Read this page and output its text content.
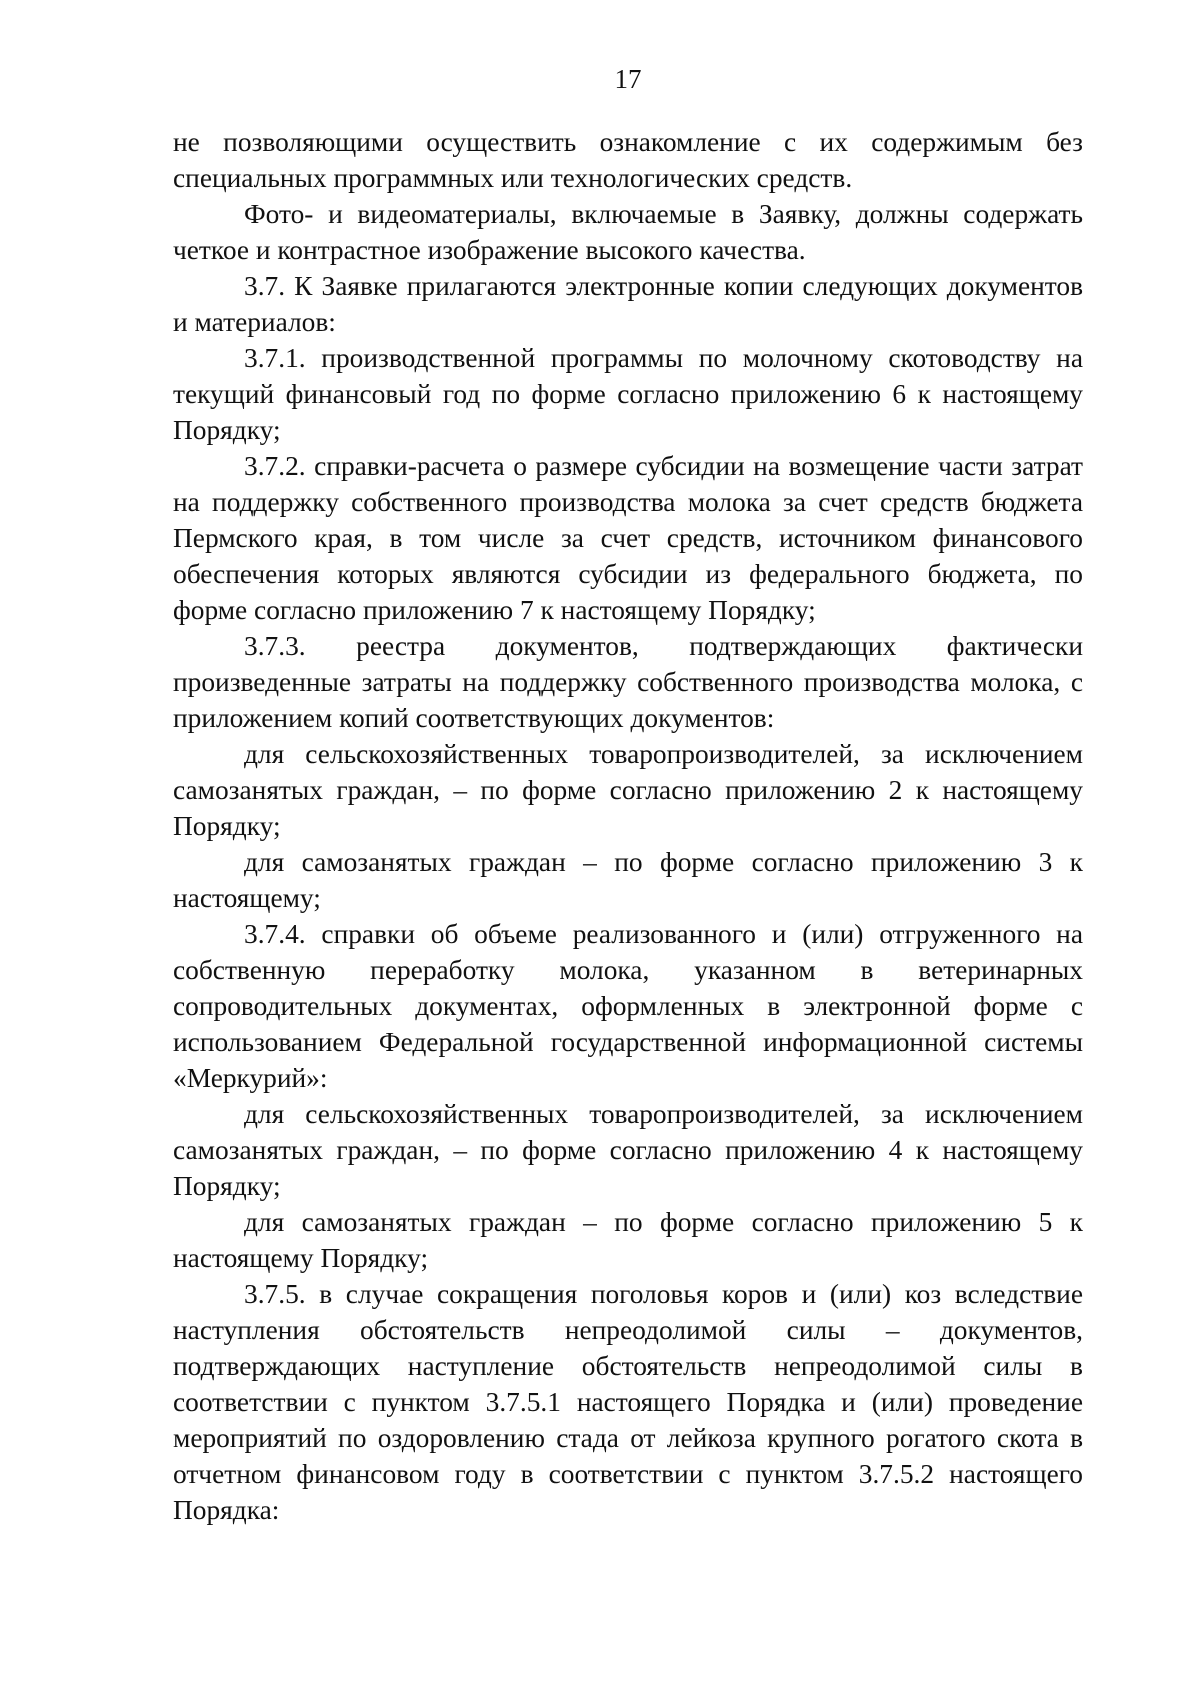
17

не позволяющими осуществить ознакомление с их содержимым без специальных программных или технологических средств.

Фото- и видеоматериалы, включаемые в Заявку, должны содержать четкое и контрастное изображение высокого качества.

3.7. К Заявке прилагаются электронные копии следующих документов и материалов:

3.7.1. производственной программы по молочному скотоводству на текущий финансовый год по форме согласно приложению 6 к настоящему Порядку;

3.7.2. справки-расчета о размере субсидии на возмещение части затрат на поддержку собственного производства молока за счет средств бюджета Пермского края, в том числе за счет средств, источником финансового обеспечения которых являются субсидии из федерального бюджета, по форме согласно приложению 7 к настоящему Порядку;

3.7.3. реестра документов, подтверждающих фактически произведенные затраты на поддержку собственного производства молока, с приложением копий соответствующих документов:

для сельскохозяйственных товаропроизводителей, за исключением самозанятых граждан, – по форме согласно приложению 2 к настоящему Порядку;

для самозанятых граждан – по форме согласно приложению 3 к настоящему;

3.7.4. справки об объеме реализованного и (или) отгруженного на собственную переработку молока, указанном в ветеринарных сопроводительных документах, оформленных в электронной форме с использованием Федеральной государственной информационной системы «Меркурий»:

для сельскохозяйственных товаропроизводителей, за исключением самозанятых граждан, – по форме согласно приложению 4 к настоящему Порядку;

для самозанятых граждан – по форме согласно приложению 5 к настоящему Порядку;

3.7.5. в случае сокращения поголовья коров и (или) коз вследствие наступления обстоятельств непреодолимой силы – документов, подтверждающих наступление обстоятельств непреодолимой силы в соответствии с пунктом 3.7.5.1 настоящего Порядка и (или) проведение мероприятий по оздоровлению стада от лейкоза крупного рогатого скота в отчетном финансовом году в соответствии с пунктом 3.7.5.2 настоящего Порядка:
